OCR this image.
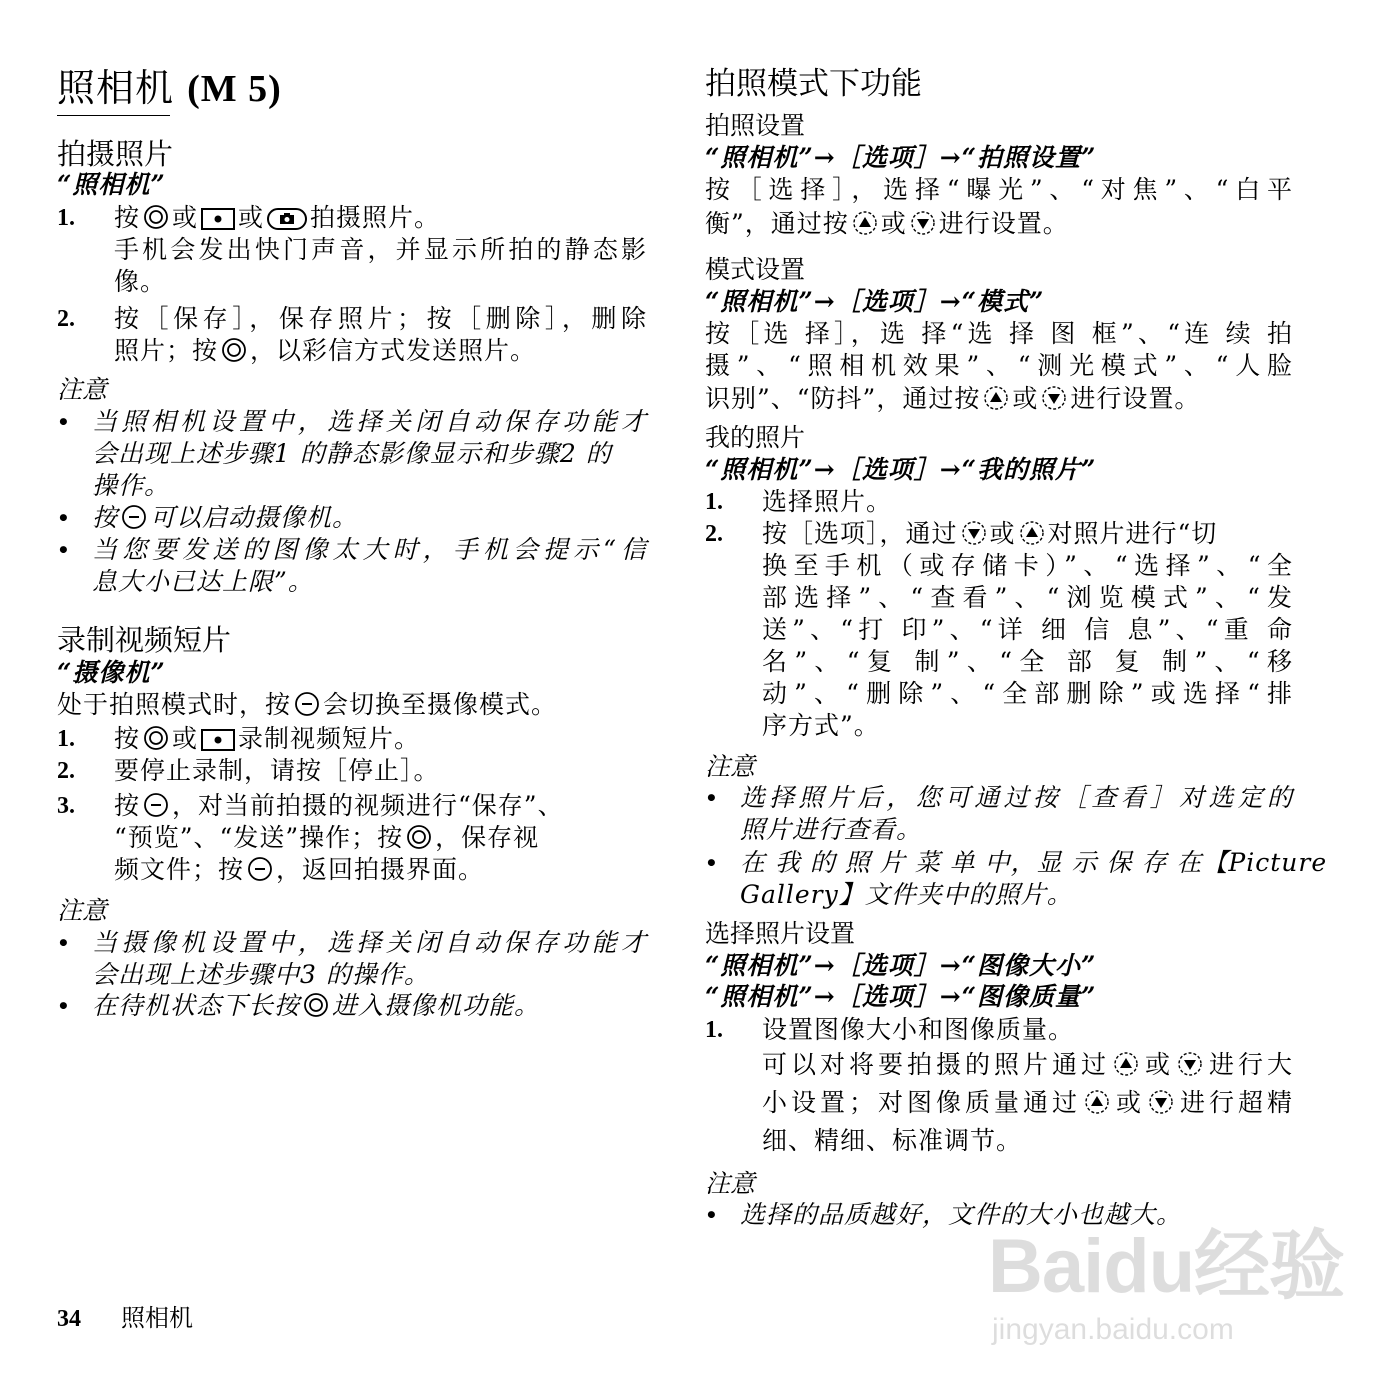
照相机 (M 5)
拍摄照片
“照相机”
1. 按 或 或 拍摄照片。
手机会发出快门声音，并显示所拍的静态影
像。
2. 按［保存］，保存照片；按［删除］，删除
照片；按 ，以彩信方式发送照片。
注意
• 当照相机设置中，选择关闭自动保存功能才
会出现上述步骤1 的静态影像显示和步骤2 的
操作。
• 按 可以启动摄像机。
• 当您要发送的图像太大时，手机会提示“信
息大小已达上限”。
录制视频短片
“摄像机”
处于拍照模式时，按 会切换至摄像模式。
1. 按 或 录制视频短片。
2. 要停止录制，请按［停止］。
3. 按 ，对当前拍摄的视频进行“保存”、
“预览”、“发送”操作；按 ，保存视
频文件；按 ，返回拍摄界面。
注意
• 当摄像机设置中，选择关闭自动保存功能才
会出现上述步骤中3 的操作。
• 在待机状态下长按 进入摄像机功能。
拍照模式下功能
拍照设置
“照相机”→［选项］→“拍照设置”
按［选择］，选择“曝光”、“对焦”、“白平
衡”，通过按 或 进行设置。
模式设置
“照相机”→［选项］→“模式”
按［选 择］，选 择“选 择 图 框”、“连 续 拍
摄”、“照相机效果”、“测光模式”、“人脸
识别”、“防抖”，通过按 或 进行设置。
我的照片
“照相机”→［选项］→“我的照片”
1. 选择照片。
2. 按［选项］，通过 或 对照片进行“切
换至手机（或存储卡）”、“选择”、“全
部选择”、“查看”、“浏览模式”、“发
送”、“打 印”、“详 细 信 息”、“重 命
名”、“复 制”、“全 部 复 制”、“移
动”、“删除”、“全部删除”或选择“排
序方式”。
注意
• 选择照片后，您可通过按［查看］对选定的
照片进行查看。
• 在 我 的 照 片 菜 单 中，显 示 保 存 在【Picture
Gallery】文件夹中的照片。
选择照片设置
“照相机”→［选项］→“图像大小”
“照相机”→［选项］→“图像质量”
1. 设置图像大小和图像质量。
可以对将要拍摄的照片通过 或 进行大
小设置；对图像质量通过 或 进行超精
细、精细、标准调节。
注意
• 选择的品质越好，文件的大小也越大。
34 照相机
Baidu经验
jingyan.baidu.com
